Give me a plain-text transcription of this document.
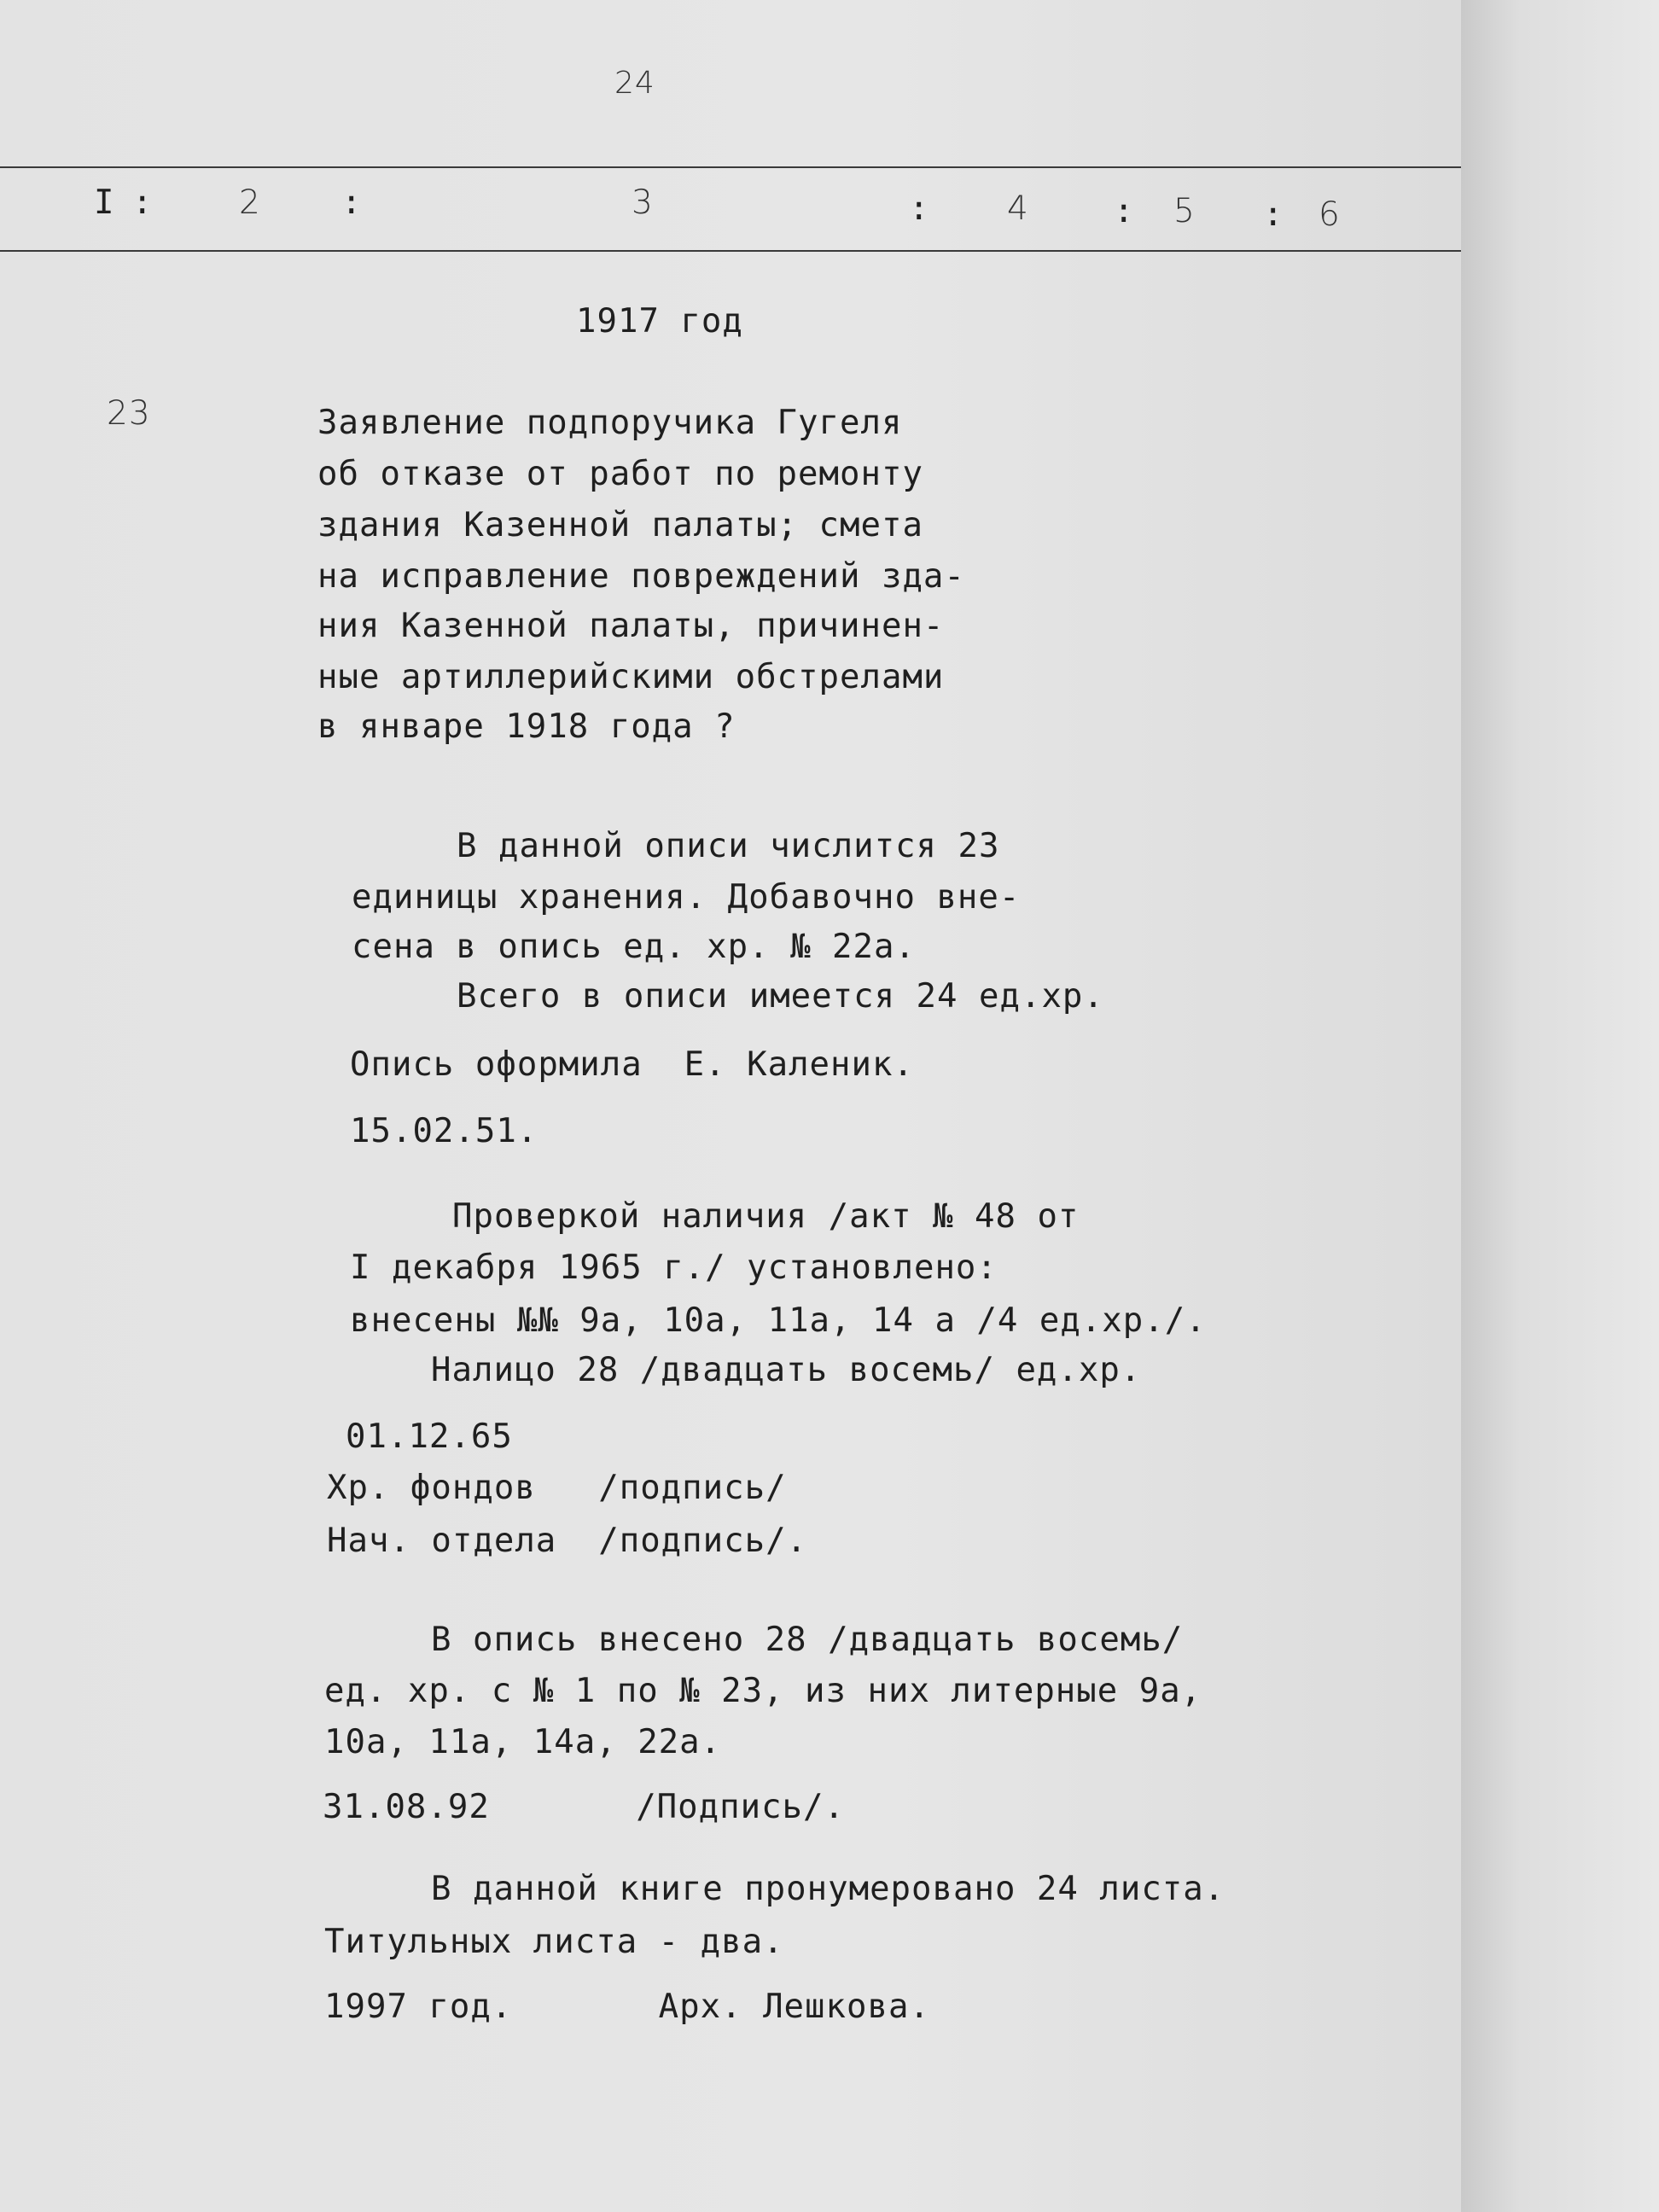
24
I :	2 :	3	: 4	: 5 : 6
1917 год
23	Заявление подпоручика Гугеля
об отказе от работ по ремонту
здания Казенной палаты; смета
на исправление повреждений зда-
ния Казенной палаты, причинен-
ные артиллерийскими обстрелами
в январе 1918 года ?
В данной описи числится 23
единицы хранения. Добавочно вне-
сена в опись ед. хр. № 22а.
Всего в описи имеется 24 ед.хр.
Опись оформила  Е. Каленик.
15.02.51.
Проверкой наличия /акт № 48 от
I декабря 1965 г./ установлено:
внесены №№ 9а, 10а, 11а, 14 а /4 ед.хр./.
Налицо 28 /двадцать восемь/ ед.хр.
01.12.65
Хр. фондов   /подпись/
Нач. отдела  /подпись/.
В опись внесено 28 /двадцать восемь/
ед. хр. с № 1 по № 23, из них литерные 9а,
10а, 11а, 14а, 22а.
31.08.92       /Подпись/.
В данной книге пронумеровано 24 листа.
Титульных листа - два.
1997 год.       Арх. Лешкова.
